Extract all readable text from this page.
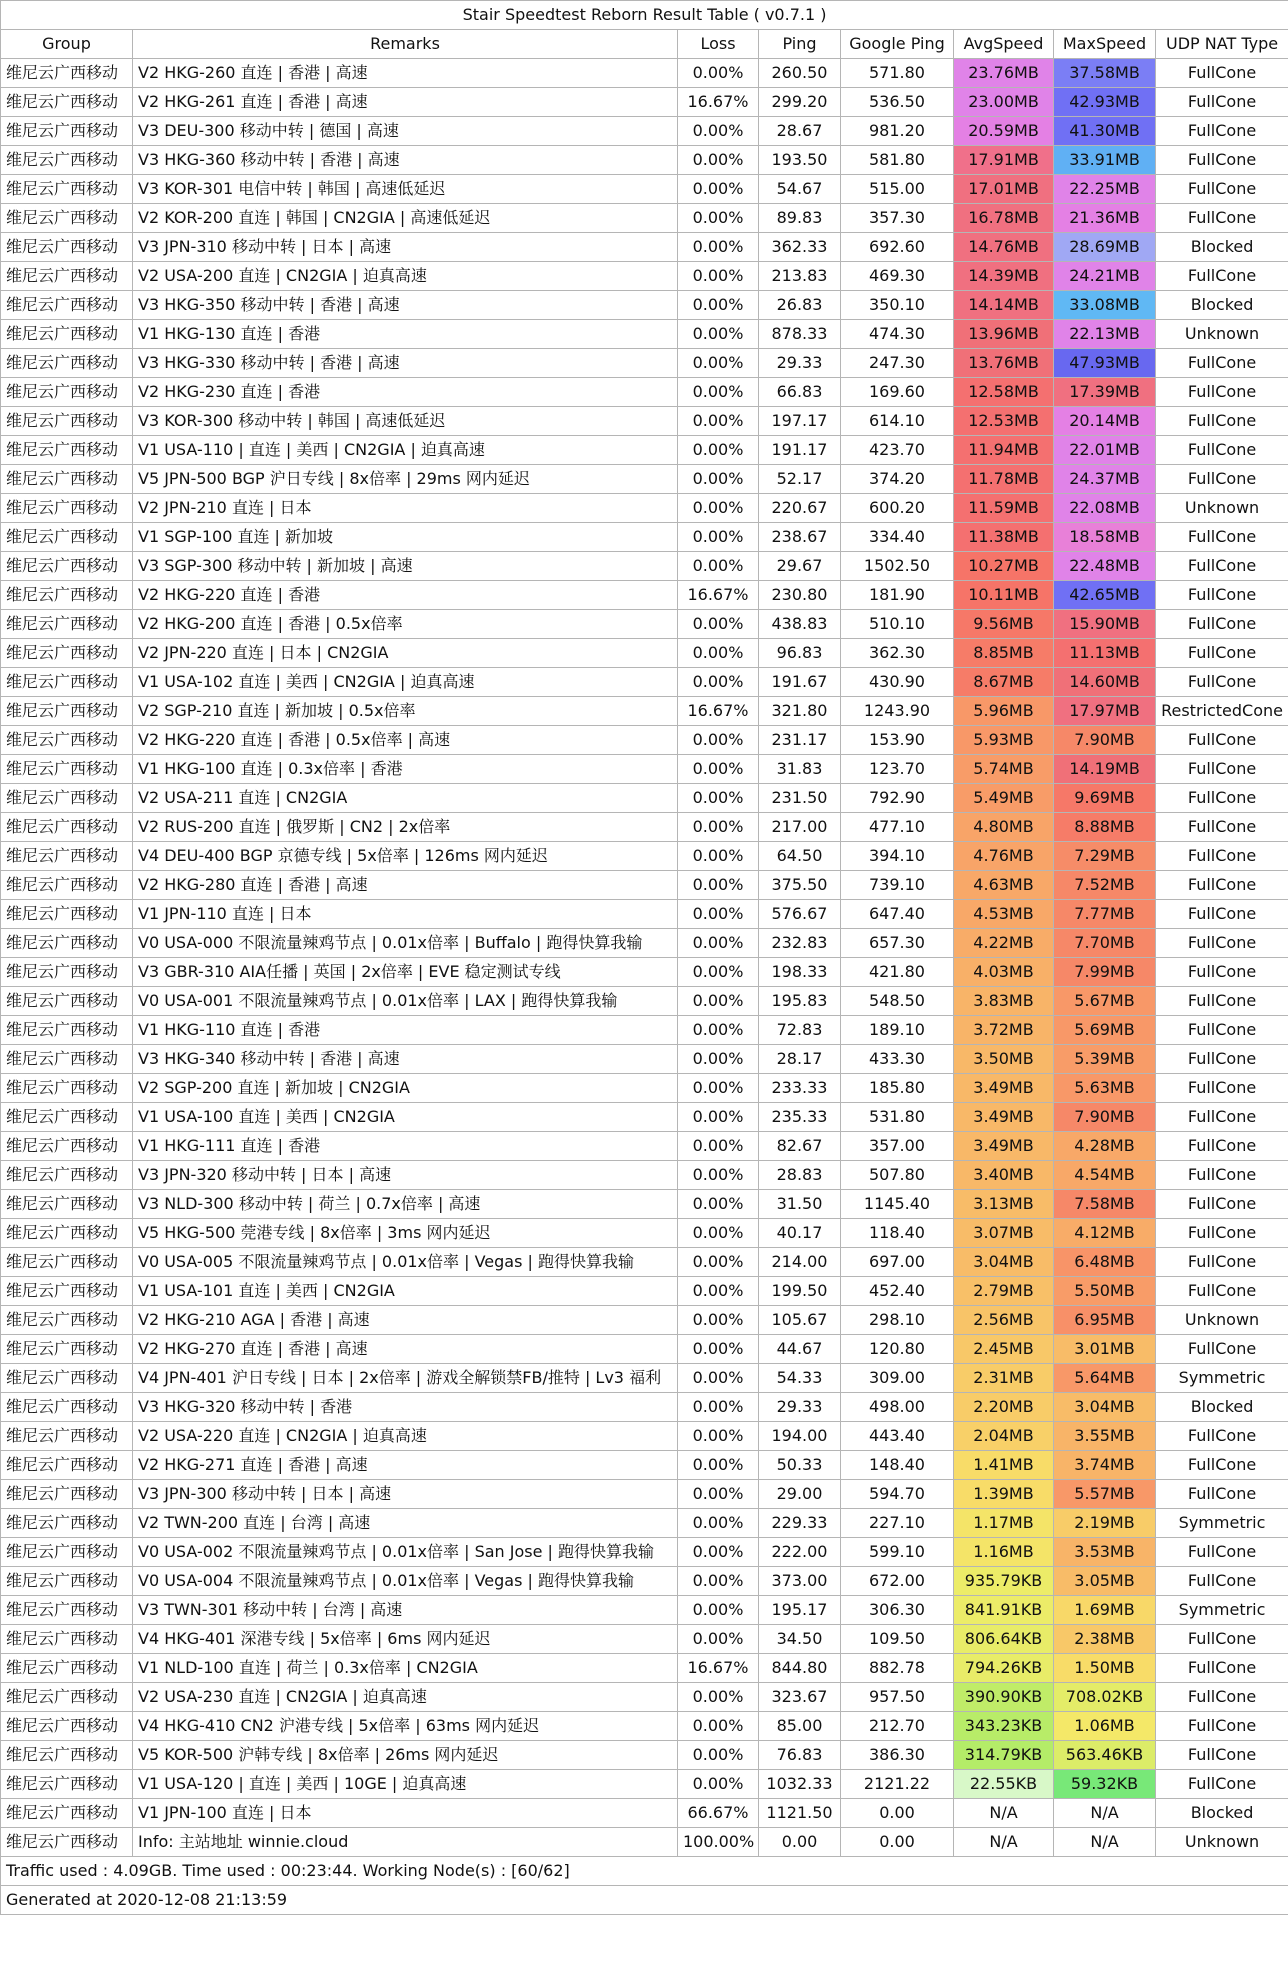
Stair Speedtest Reborn Result Table ( v0.7.1 )							
Group	Remarks	Loss	Ping	Google Ping	AvgSpeed	MaxSpeed	UDP NAT Type
维尼云广西移动	V2 HKG-260 直连 | 香港 | 高速	0.00%	260.50	571.80	23.76MB	37.58MB	FullCone
维尼云广西移动	V2 HKG-261 直连 | 香港 | 高速	16.67%	299.20	536.50	23.00MB	42.93MB	FullCone
维尼云广西移动	V3 DEU-300 移动中转 | 德国 | 高速	0.00%	28.67	981.20	20.59MB	41.30MB	FullCone
维尼云广西移动	V3 HKG-360 移动中转 | 香港 | 高速	0.00%	193.50	581.80	17.91MB	33.91MB	FullCone
维尼云广西移动	V3 KOR-301 电信中转 | 韩国 | 高速低延迟	0.00%	54.67	515.00	17.01MB	22.25MB	FullCone
维尼云广西移动	V2 KOR-200 直连 | 韩国 | CN2GIA | 高速低延迟	0.00%	89.83	357.30	16.78MB	21.36MB	FullCone
维尼云广西移动	V3 JPN-310 移动中转 | 日本 | 高速	0.00%	362.33	692.60	14.76MB	28.69MB	Blocked
维尼云广西移动	V2 USA-200 直连 | CN2GIA | 迫真高速	0.00%	213.83	469.30	14.39MB	24.21MB	FullCone
维尼云广西移动	V3 HKG-350 移动中转 | 香港 | 高速	0.00%	26.83	350.10	14.14MB	33.08MB	Blocked
维尼云广西移动	V1 HKG-130 直连 | 香港	0.00%	878.33	474.30	13.96MB	22.13MB	Unknown
维尼云广西移动	V3 HKG-330 移动中转 | 香港 | 高速	0.00%	29.33	247.30	13.76MB	47.93MB	FullCone
维尼云广西移动	V2 HKG-230 直连 | 香港	0.00%	66.83	169.60	12.58MB	17.39MB	FullCone
维尼云广西移动	V3 KOR-300 移动中转 | 韩国 | 高速低延迟	0.00%	197.17	614.10	12.53MB	20.14MB	FullCone
维尼云广西移动	V1 USA-110 | 直连 | 美西 | CN2GIA | 迫真高速	0.00%	191.17	423.70	11.94MB	22.01MB	FullCone
维尼云广西移动	V5 JPN-500 BGP 沪日专线 | 8x倍率 | 29ms 网内延迟	0.00%	52.17	374.20	11.78MB	24.37MB	FullCone
维尼云广西移动	V2 JPN-210 直连 | 日本	0.00%	220.67	600.20	11.59MB	22.08MB	Unknown
维尼云广西移动	V1 SGP-100 直连 | 新加坡	0.00%	238.67	334.40	11.38MB	18.58MB	FullCone
维尼云广西移动	V3 SGP-300 移动中转 | 新加坡 | 高速	0.00%	29.67	1502.50	10.27MB	22.48MB	FullCone
维尼云广西移动	V2 HKG-220 直连 | 香港	16.67%	230.80	181.90	10.11MB	42.65MB	FullCone
维尼云广西移动	V2 HKG-200 直连 | 香港 | 0.5x倍率	0.00%	438.83	510.10	9.56MB	15.90MB	FullCone
维尼云广西移动	V2 JPN-220 直连 | 日本 | CN2GIA	0.00%	96.83	362.30	8.85MB	11.13MB	FullCone
维尼云广西移动	V1 USA-102 直连 | 美西 | CN2GIA | 迫真高速	0.00%	191.67	430.90	8.67MB	14.60MB	FullCone
维尼云广西移动	V2 SGP-210 直连 | 新加坡 | 0.5x倍率	16.67%	321.80	1243.90	5.96MB	17.97MB	RestrictedCone
维尼云广西移动	V2 HKG-220 直连 | 香港 | 0.5x倍率 | 高速	0.00%	231.17	153.90	5.93MB	7.90MB	FullCone
维尼云广西移动	V1 HKG-100 直连 | 0.3x倍率 | 香港	0.00%	31.83	123.70	5.74MB	14.19MB	FullCone
维尼云广西移动	V2 USA-211 直连 | CN2GIA	0.00%	231.50	792.90	5.49MB	9.69MB	FullCone
维尼云广西移动	V2 RUS-200 直连 | 俄罗斯 | CN2 | 2x倍率	0.00%	217.00	477.10	4.80MB	8.88MB	FullCone
维尼云广西移动	V4 DEU-400 BGP 京德专线 | 5x倍率 | 126ms 网内延迟	0.00%	64.50	394.10	4.76MB	7.29MB	FullCone
维尼云广西移动	V2 HKG-280 直连 | 香港 | 高速	0.00%	375.50	739.10	4.63MB	7.52MB	FullCone
维尼云广西移动	V1 JPN-110 直连 | 日本	0.00%	576.67	647.40	4.53MB	7.77MB	FullCone
维尼云广西移动	V0 USA-000 不限流量辣鸡节点 | 0.01x倍率 | Buffalo | 跑得快算我输	0.00%	232.83	657.30	4.22MB	7.70MB	FullCone
维尼云广西移动	V3 GBR-310 AIA任播 | 英国 | 2x倍率 | EVE 稳定测试专线	0.00%	198.33	421.80	4.03MB	7.99MB	FullCone
维尼云广西移动	V0 USA-001 不限流量辣鸡节点 | 0.01x倍率 | LAX | 跑得快算我输	0.00%	195.83	548.50	3.83MB	5.67MB	FullCone
维尼云广西移动	V1 HKG-110 直连 | 香港	0.00%	72.83	189.10	3.72MB	5.69MB	FullCone
维尼云广西移动	V3 HKG-340 移动中转 | 香港 | 高速	0.00%	28.17	433.30	3.50MB	5.39MB	FullCone
维尼云广西移动	V2 SGP-200 直连 | 新加坡 | CN2GIA	0.00%	233.33	185.80	3.49MB	5.63MB	FullCone
维尼云广西移动	V1 USA-100 直连 | 美西 | CN2GIA	0.00%	235.33	531.80	3.49MB	7.90MB	FullCone
维尼云广西移动	V1 HKG-111 直连 | 香港	0.00%	82.67	357.00	3.49MB	4.28MB	FullCone
维尼云广西移动	V3 JPN-320 移动中转 | 日本 | 高速	0.00%	28.83	507.80	3.40MB	4.54MB	FullCone
维尼云广西移动	V3 NLD-300 移动中转 | 荷兰 | 0.7x倍率 | 高速	0.00%	31.50	1145.40	3.13MB	7.58MB	FullCone
维尼云广西移动	V5 HKG-500 莞港专线 | 8x倍率 | 3ms 网内延迟	0.00%	40.17	118.40	3.07MB	4.12MB	FullCone
维尼云广西移动	V0 USA-005 不限流量辣鸡节点 | 0.01x倍率 | Vegas | 跑得快算我输	0.00%	214.00	697.00	3.04MB	6.48MB	FullCone
维尼云广西移动	V1 USA-101 直连 | 美西 | CN2GIA	0.00%	199.50	452.40	2.79MB	5.50MB	FullCone
维尼云广西移动	V2 HKG-210 AGA | 香港 | 高速	0.00%	105.67	298.10	2.56MB	6.95MB	Unknown
维尼云广西移动	V2 HKG-270 直连 | 香港 | 高速	0.00%	44.67	120.80	2.45MB	3.01MB	FullCone
维尼云广西移动	V4 JPN-401 沪日专线 | 日本 | 2x倍率 | 游戏全解锁禁FB/推特 | Lv3 福利	0.00%	54.33	309.00	2.31MB	5.64MB	Symmetric
维尼云广西移动	V3 HKG-320 移动中转 | 香港	0.00%	29.33	498.00	2.20MB	3.04MB	Blocked
维尼云广西移动	V2 USA-220 直连 | CN2GIA | 迫真高速	0.00%	194.00	443.40	2.04MB	3.55MB	FullCone
维尼云广西移动	V2 HKG-271 直连 | 香港 | 高速	0.00%	50.33	148.40	1.41MB	3.74MB	FullCone
维尼云广西移动	V3 JPN-300 移动中转 | 日本 | 高速	0.00%	29.00	594.70	1.39MB	5.57MB	FullCone
维尼云广西移动	V2 TWN-200 直连 | 台湾 | 高速	0.00%	229.33	227.10	1.17MB	2.19MB	Symmetric
维尼云广西移动	V0 USA-002 不限流量辣鸡节点 | 0.01x倍率 | San Jose | 跑得快算我输	0.00%	222.00	599.10	1.16MB	3.53MB	FullCone
维尼云广西移动	V0 USA-004 不限流量辣鸡节点 | 0.01x倍率 | Vegas | 跑得快算我输	0.00%	373.00	672.00	935.79KB	3.05MB	FullCone
维尼云广西移动	V3 TWN-301 移动中转 | 台湾 | 高速	0.00%	195.17	306.30	841.91KB	1.69MB	Symmetric
维尼云广西移动	V4 HKG-401 深港专线 | 5x倍率 | 6ms 网内延迟	0.00%	34.50	109.50	806.64KB	2.38MB	FullCone
维尼云广西移动	V1 NLD-100 直连 | 荷兰 | 0.3x倍率 | CN2GIA	16.67%	844.80	882.78	794.26KB	1.50MB	FullCone
维尼云广西移动	V2 USA-230 直连 | CN2GIA | 迫真高速	0.00%	323.67	957.50	390.90KB	708.02KB	FullCone
维尼云广西移动	V4 HKG-410 CN2 沪港专线 | 5x倍率 | 63ms 网内延迟	0.00%	85.00	212.70	343.23KB	1.06MB	FullCone
维尼云广西移动	V5 KOR-500 沪韩专线 | 8x倍率 | 26ms 网内延迟	0.00%	76.83	386.30	314.79KB	563.46KB	FullCone
维尼云广西移动	V1 USA-120 | 直连 | 美西 | 10GE | 迫真高速	0.00%	1032.33	2121.22	22.55KB	59.32KB	FullCone
维尼云广西移动	V1 JPN-100 直连 | 日本	66.67%	1121.50	0.00	N/A	N/A	Blocked
维尼云广西移动	Info: 主站地址 winnie.cloud	100.00%	0.00	0.00	N/A	N/A	Unknown
Traffic used : 4.09GB. Time used : 00:23:44. Working Node(s) : [60/62]							
Generated at 2020-12-08 21:13:59							
